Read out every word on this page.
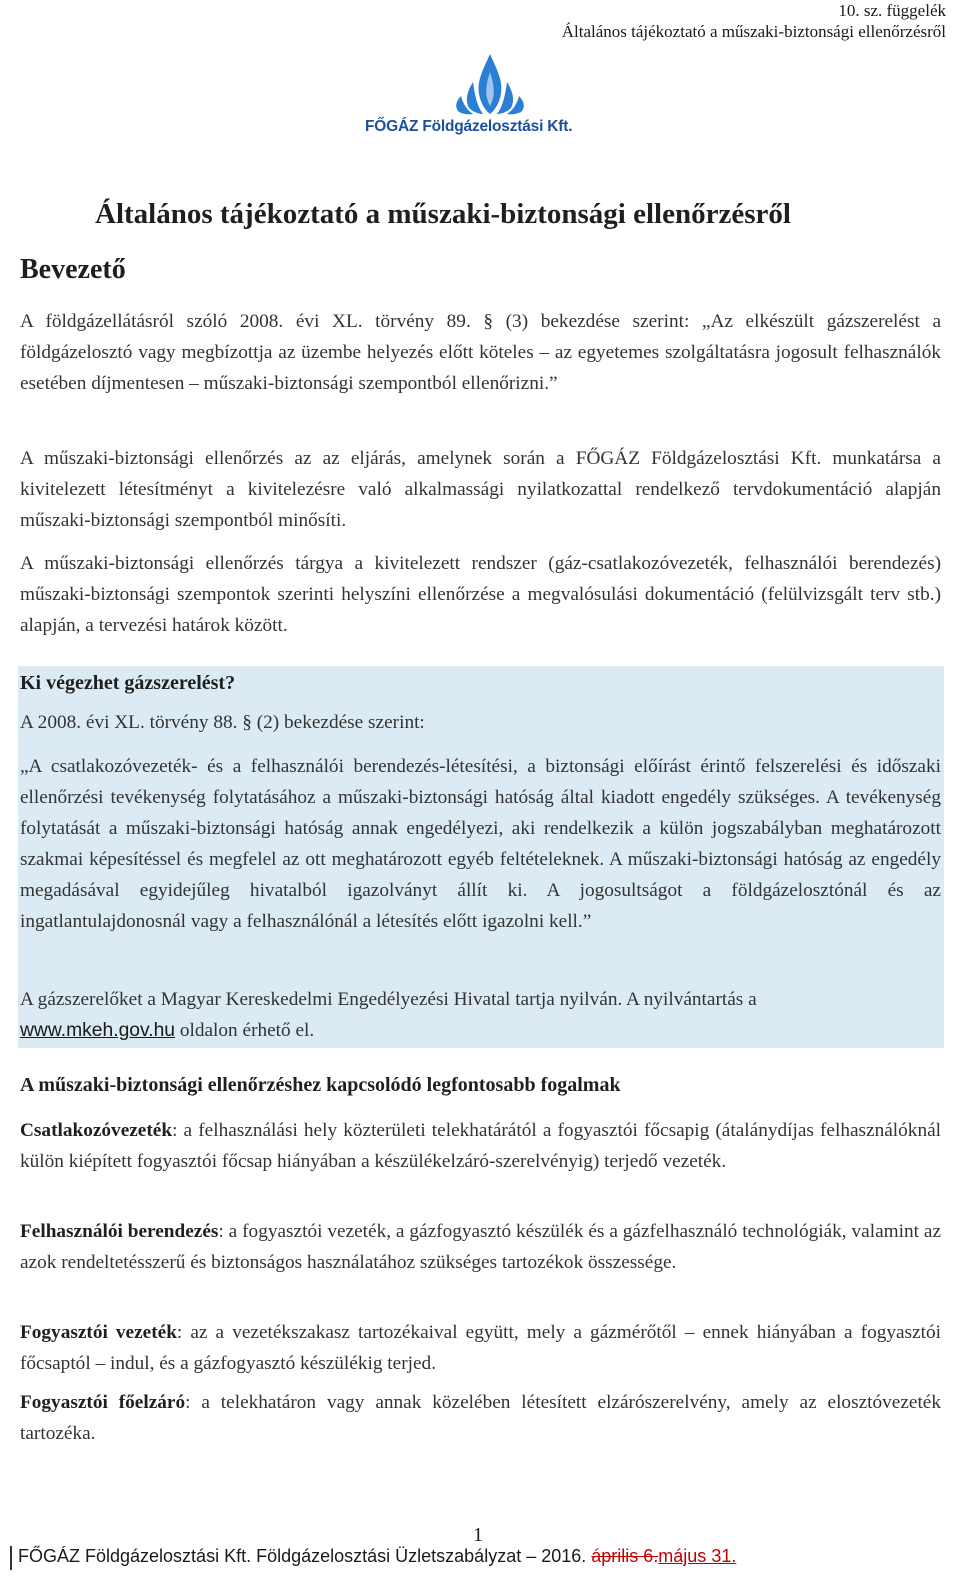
10. sz. függelék
Általános tájékoztató a műszaki-biztonsági ellenőrzésről
FŐGÁZ Földgázelosztási Kft.
Általános tájékoztató a műszaki-biztonsági ellenőrzésről
Bevezető
A földgázellátásról szóló 2008. évi XL. törvény 89. § (3) bekezdése szerint: „Az elkészült gázszerelést a földgázelosztó vagy megbízottja az üzembe helyezés előtt köteles – az egyetemes szolgáltatásra jogosult felhasználók esetében díjmentesen – műszaki-biztonsági szempontból ellenőrizni.”
A műszaki-biztonsági ellenőrzés az az eljárás, amelynek során a FŐGÁZ Földgázelosztási Kft. munkatársa a kivitelezett létesítményt a kivitelezésre való alkalmassági nyilatkozattal rendelkező tervdokumentáció alapján műszaki-biztonsági szempontból minősíti.
A műszaki-biztonsági ellenőrzés tárgya a kivitelezett rendszer (gáz-csatlakozóvezeték, felhasználói berendezés) műszaki-biztonsági szempontok szerinti helyszíni ellenőrzése a megvalósulási dokumentáció (felülvizsgált terv stb.) alapján, a tervezési határok között.
Ki végezhet gázszerelést?
A 2008. évi XL. törvény 88. § (2) bekezdése szerint:
„A csatlakozóvezeték- és a felhasználói berendezés-létesítési, a biztonsági előírást érintő felszerelési és időszaki ellenőrzési tevékenység folytatásához a műszaki-biztonsági hatóság által kiadott engedély szükséges. A tevékenység folytatását a műszaki-biztonsági hatóság annak engedélyezi, aki rendelkezik a külön jogszabályban meghatározott szakmai képesítéssel és megfelel az ott meghatározott egyéb feltételeknek. A műszaki-biztonsági hatóság az engedély megadásával egyidejűleg hivatalból igazolványt állít ki. A jogosultságot a földgázelosztónál és az ingatlantulajdonosnál vagy a felhasználónál a létesítés előtt igazolni kell.”
A gázszerelőket a Magyar Kereskedelmi Engedélyezési Hivatal tartja nyilván. A nyilvántartás a
www.mkeh.gov.hu oldalon érhető el.
A műszaki-biztonsági ellenőrzéshez kapcsolódó legfontosabb fogalmak
Csatlakozóvezeték: a felhasználási hely közterületi telekhatárától a fogyasztói főcsapig (átalánydíjas felhasználóknál külön kiépített fogyasztói főcsap hiányában a készülékelzáró-szerelvényig) terjedő vezeték.
Felhasználói berendezés: a fogyasztói vezeték, a gázfogyasztó készülék és a gázfelhasználó technológiák, valamint az azok rendeltetésszerű és biztonságos használatához szükséges tartozékok összessége.
Fogyasztói vezeték: az a vezetékszakasz tartozékaival együtt, mely a gázmérőtől – ennek hiányában a fogyasztói főcsaptól – indul, és a gázfogyasztó készülékig terjed.
Fogyasztói főelzáró: a telekhatáron vagy annak közelében létesített elzárószerelvény, amely az elosztóvezeték tartozéka.
1
FŐGÁZ Földgázelosztási Kft. Földgázelosztási Üzletszabályzat – 2016. április 6.május 31.
